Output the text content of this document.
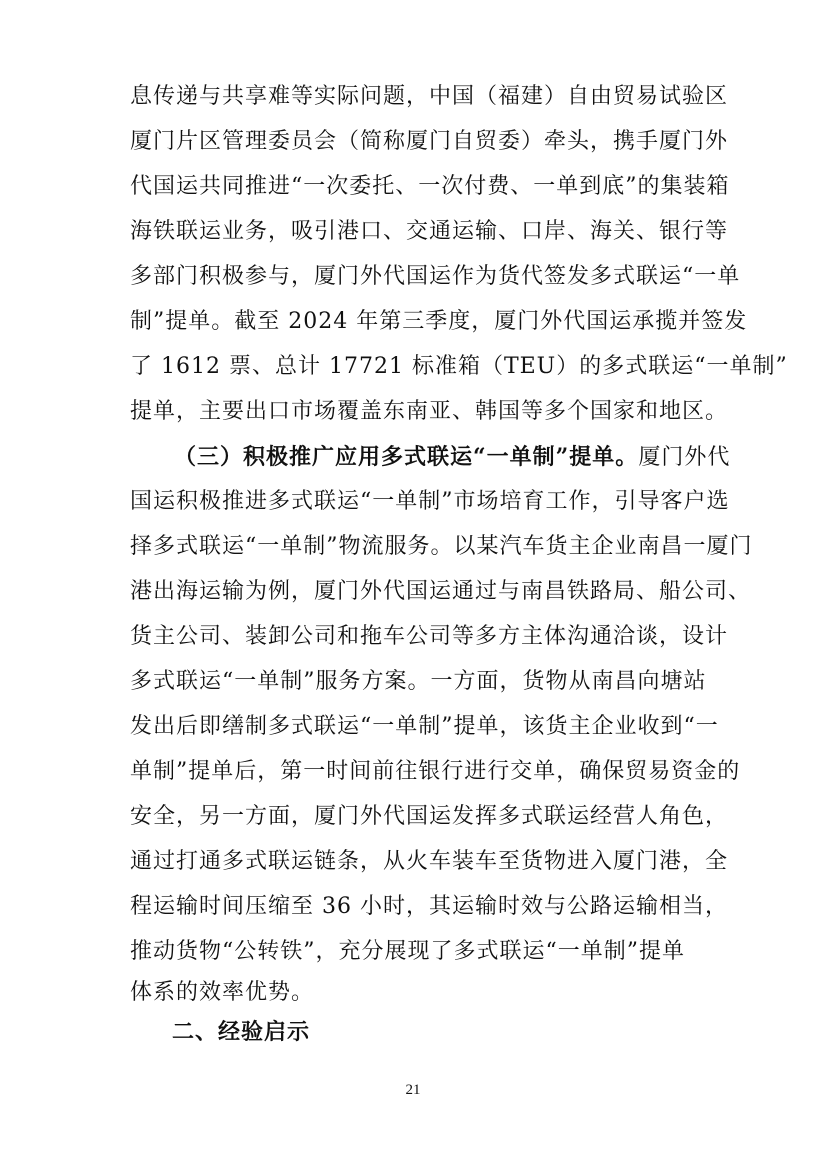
息传递与共享难等实际问题，中国（福建）自由贸易试验区
厦门片区管理委员会（简称厦门自贸委）牵头，携手厦门外
代国运共同推进“一次委托、一次付费、一单到底”的集装箱
海铁联运业务，吸引港口、交通运输、口岸、海关、银行等
多部门积极参与，厦门外代国运作为货代签发多式联运“一单
制”提单。截至 2024 年第三季度，厦门外代国运承揽并签发
了 1612 票、总计 17721 标准箱（TEU）的多式联运“一单制”
提单，主要出口市场覆盖东南亚、韩国等多个国家和地区。
（三）积极推广应用多式联运“一单制”提单。厦门外代
国运积极推进多式联运“一单制”市场培育工作，引导客户选
择多式联运“一单制”物流服务。以某汽车货主企业南昌一厦门
港出海运输为例，厦门外代国运通过与南昌铁路局、船公司、
货主公司、装卸公司和拖车公司等多方主体沟通洽谈，设计
多式联运“一单制”服务方案。一方面，货物从南昌向塘站
发出后即缮制多式联运“一单制”提单，该货主企业收到“一
单制”提单后，第一时间前往银行进行交单，确保贸易资金的
安全，另一方面，厦门外代国运发挥多式联运经营人角色，
通过打通多式联运链条，从火车装车至货物进入厦门港，全
程运输时间压缩至 36 小时，其运输时效与公路运输相当，
推动货物“公转铁”，充分展现了多式联运“一单制”提单
二、经验启示
21
体系的效率优势。
